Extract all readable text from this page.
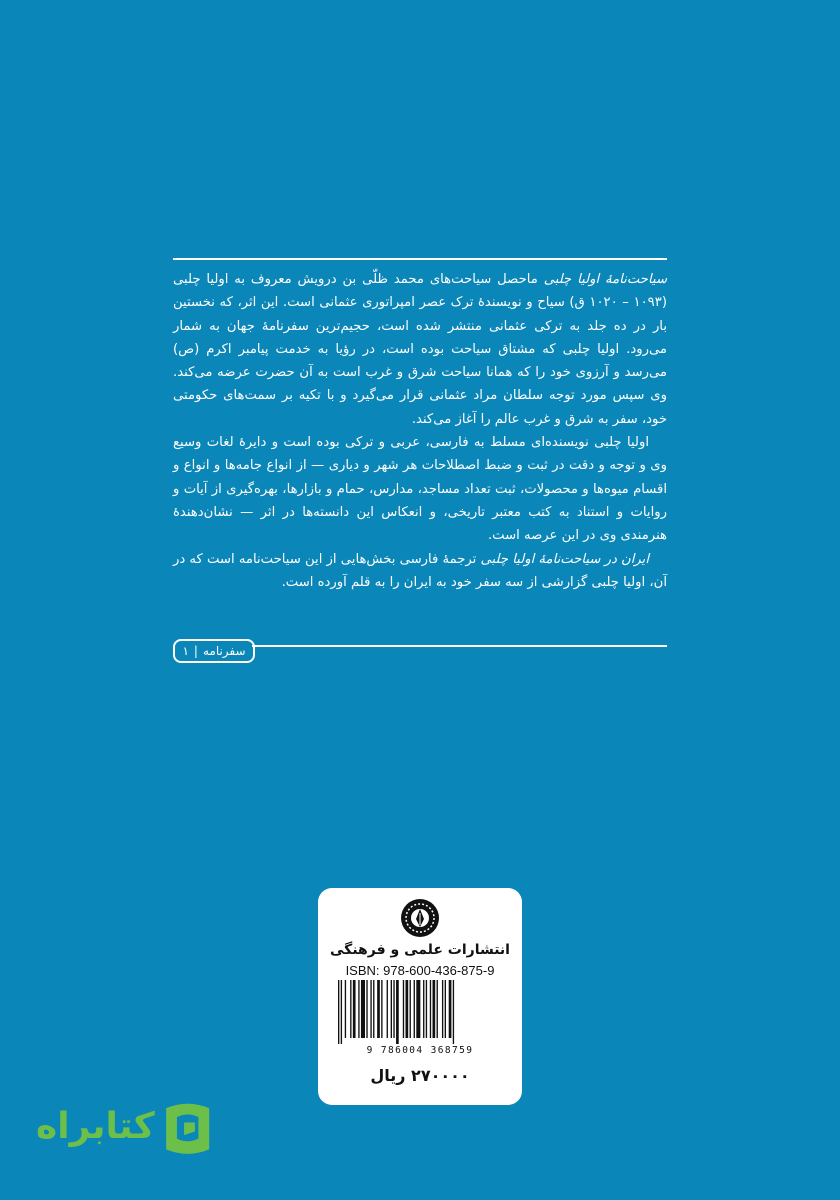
سیاحت‌نامهٔ اولیا چلبی ماحصل سیاحت‌های محمد ظلّی بن درویش معروف به اولیا چلبی (۱۰۹۳ – ۱۰۲۰ ق) سیاح و نویسندهٔ ترک عصر امپراتوری عثمانی است. این اثر، که نخستین بار در ده جلد به ترکی عثمانی منتشر شده است، حجیم‌ترین سفرنامهٔ جهان به شمار می‌رود. اولیا چلبی که مشتاق سیاحت بوده است، در رؤیا به خدمت پیامبر اکرم (ص) می‌رسد و آرزوی خود را که همانا سیاحت شرق و غرب است به آن حضرت عرضه می‌کند. وی سپس مورد توجه سلطان مراد عثمانی قرار می‌گیرد و با تکیه بر سمت‌های حکومتی خود، سفر به شرق و غرب عالم را آغاز می‌کند.

اولیا چلبی نویسنده‌ای مسلط به فارسی، عربی و ترکی بوده است و دایرهٔ لغات وسیع وی و توجه و دقت در ثبت و ضبط اصطلاحات هر شهر و دیاری — از انواع جامه‌ها و انواع و اقسام میوه‌ها و محصولات، ثبت تعداد مساجد، مدارس، حمام و بازارها، بهره‌گیری از آیات و روایات و استناد به کتب معتبر تاریخی، و انعکاس این دانسته‌ها در اثر — نشان‌دهندهٔ هنرمندی وی در این عرصه است.

ایران در سیاحت‌نامهٔ اولیا چلبی ترجمهٔ فارسی بخش‌هایی از این سیاحت‌نامه است که در آن، اولیا چلبی گزارشی از سه سفر خود به ایران را به قلم آورده است.

سفرنامه
|
۱
انتشارات علمی و فرهنگی
ISBN: 978-600-436-875-9
9 786004 368759
۲۷۰۰۰۰ ریال
کتابراه
